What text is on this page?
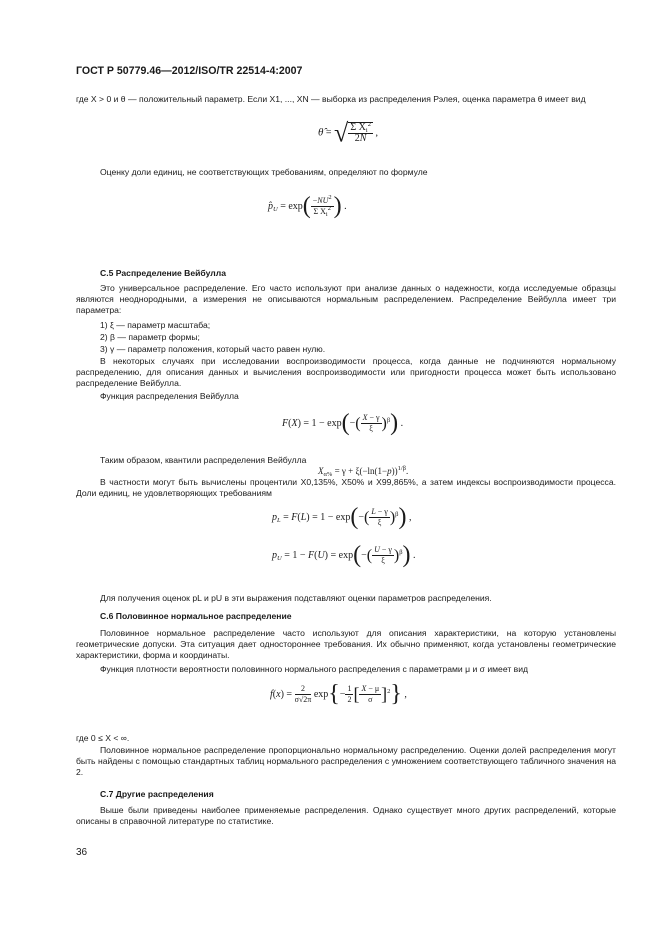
ГОСТ Р 50779.46—2012/ISO/TR 22514-4:2007
где X > 0 и θ — положительный параметр. Если X1, ..., XN — выборка из распределения Рэлея, оценка параметра θ имеет вид
θ̂ = √ $\frac{\Sigma X_i^2}{2N}$ ,
Оценку доли единиц, не соответствующих требованиям, определяют по формуле
$p̂_U = \exp( \frac{-NU^2}{\Sigma X_i^2}$ ) .
С.5 Распределение Вейбулла
Это универсальное распределение. Его часто используют при анализе данных о надежности, когда исследуемые образцы являются неоднородными, а измерения не описываются нормальным распределением. Распределение Вейбулла имеет три параметра:
1) ξ — параметр масштаба;
2) β — параметр формы;
3) γ — параметр положения, который часто равен нулю.
В некоторых случаях при исследовании воспроизводимости процесса, когда данные не подчиняются нормальному распределению, для описания данных и вычисления воспроизводимости или пригодности процесса может быть использовано распределение Вейбулла.
Функция распределения Вейбулла
$F(X) = 1 - \exp(-( \frac{X - \gamma}{\xi} )^\beta)$ .
Таким образом, квантили распределения Вейбулла
$X_{\alpha\%} = \gamma + \xi(-\ln(1-p))^{1/\beta}$.
В частности могут быть вычислены процентили X0,135%, X50% и X99,865%, а затем индексы воспроизводимости процесса. Доли единиц, не удовлетворяющих требованиям
$p_L = F(L) = 1 - \exp(-( \frac{L - \gamma}{\xi} )^\beta)$ ,
$p_U = 1 - F(U) = \exp(-( \frac{U - \gamma}{\xi} )^\beta)$ .
Для получения оценок pL и pU в эти выражения подставляют оценки параметров распределения.
С.6 Половинное нормальное распределение
Половинное нормальное распределение часто используют для описания характеристики, на которую установлены геометрические допуски. Эта ситуация дает одностороннее требования. Их обычно применяют, когда установлены геометрические характеристики, форма и координаты.
Функция плотности вероятности половинного нормального распределения с параметрами μ и σ имеет вид
$f(x) = \frac{2}{\sigma√2\pi} \exp\{- \frac{1}{2}$ [ $\frac{X - \mu}{\sigma} ]^2$} ,
где 0 ≤ X < ∞.
Половинное нормальное распределение пропорционально нормальному распределению. Оценки долей распределения могут быть найдены с помощью стандартных таблиц нормального распределения с умножением соответствующего табличного значения на 2.
С.7 Другие распределения
Выше были приведены наиболее применяемые распределения. Однако существует много других распределений, которые описаны в справочной литературе по статистике.
36
